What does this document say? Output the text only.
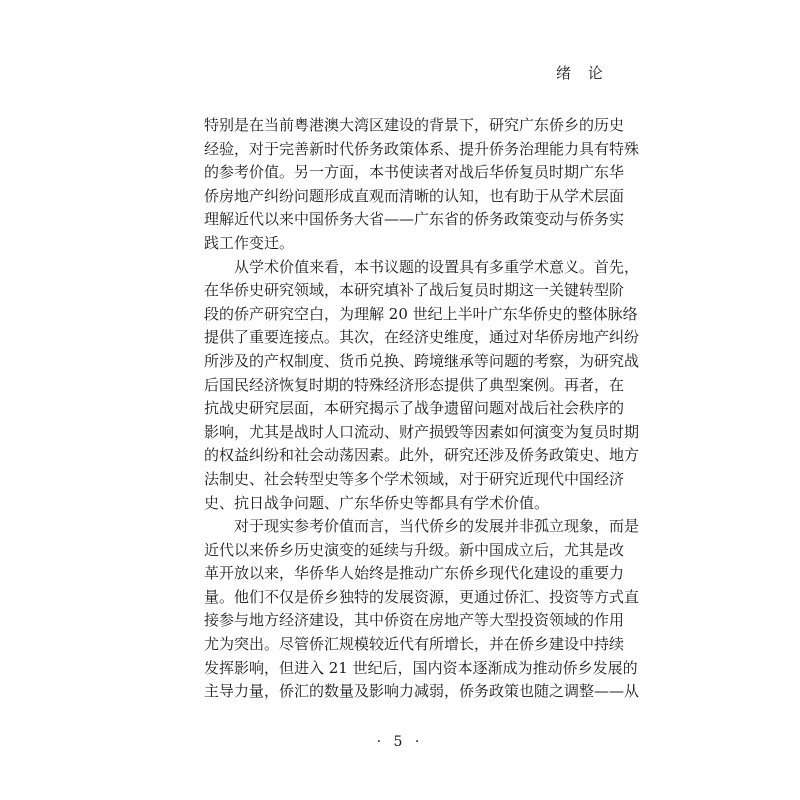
绪 论
特别是在当前粤港澳大湾区建设的背景下，研究广东侨乡的历史
经验，对于完善新时代侨务政策体系、提升侨务治理能力具有特殊
的参考价值。另一方面，本书使读者对战后华侨复员时期广东华
侨房地产纠纷问题形成直观而清晰的认知，也有助于从学术层面
理解近代以来中国侨务大省——广东省的侨务政策变动与侨务实
践工作变迁。
从学术价值来看，本书议题的设置具有多重学术意义。首先，
在华侨史研究领域，本研究填补了战后复员时期这一关键转型阶
段的侨产研究空白，为理解 20 世纪上半叶广东华侨史的整体脉络
提供了重要连接点。其次，在经济史维度，通过对华侨房地产纠纷
所涉及的产权制度、货币兑换、跨境继承等问题的考察，为研究战
后国民经济恢复时期的特殊经济形态提供了典型案例。再者，在
抗战史研究层面，本研究揭示了战争遗留问题对战后社会秩序的
影响，尤其是战时人口流动、财产损毁等因素如何演变为复员时期
的权益纠纷和社会动荡因素。此外，研究还涉及侨务政策史、地方
法制史、社会转型史等多个学术领域，对于研究近现代中国经济
史、抗日战争问题、广东华侨史等都具有学术价值。
对于现实参考价值而言，当代侨乡的发展并非孤立现象，而是
近代以来侨乡历史演变的延续与升级。新中国成立后，尤其是改
革开放以来，华侨华人始终是推动广东侨乡现代化建设的重要力
量。他们不仅是侨乡独特的发展资源，更通过侨汇、投资等方式直
接参与地方经济建设，其中侨资在房地产等大型投资领域的作用
尤为突出。尽管侨汇规模较近代有所增长，并在侨乡建设中持续
发挥影响，但进入 21 世纪后，国内资本逐渐成为推动侨乡发展的
主导力量，侨汇的数量及影响力减弱，侨务政策也随之调整——从
· 5 ·
